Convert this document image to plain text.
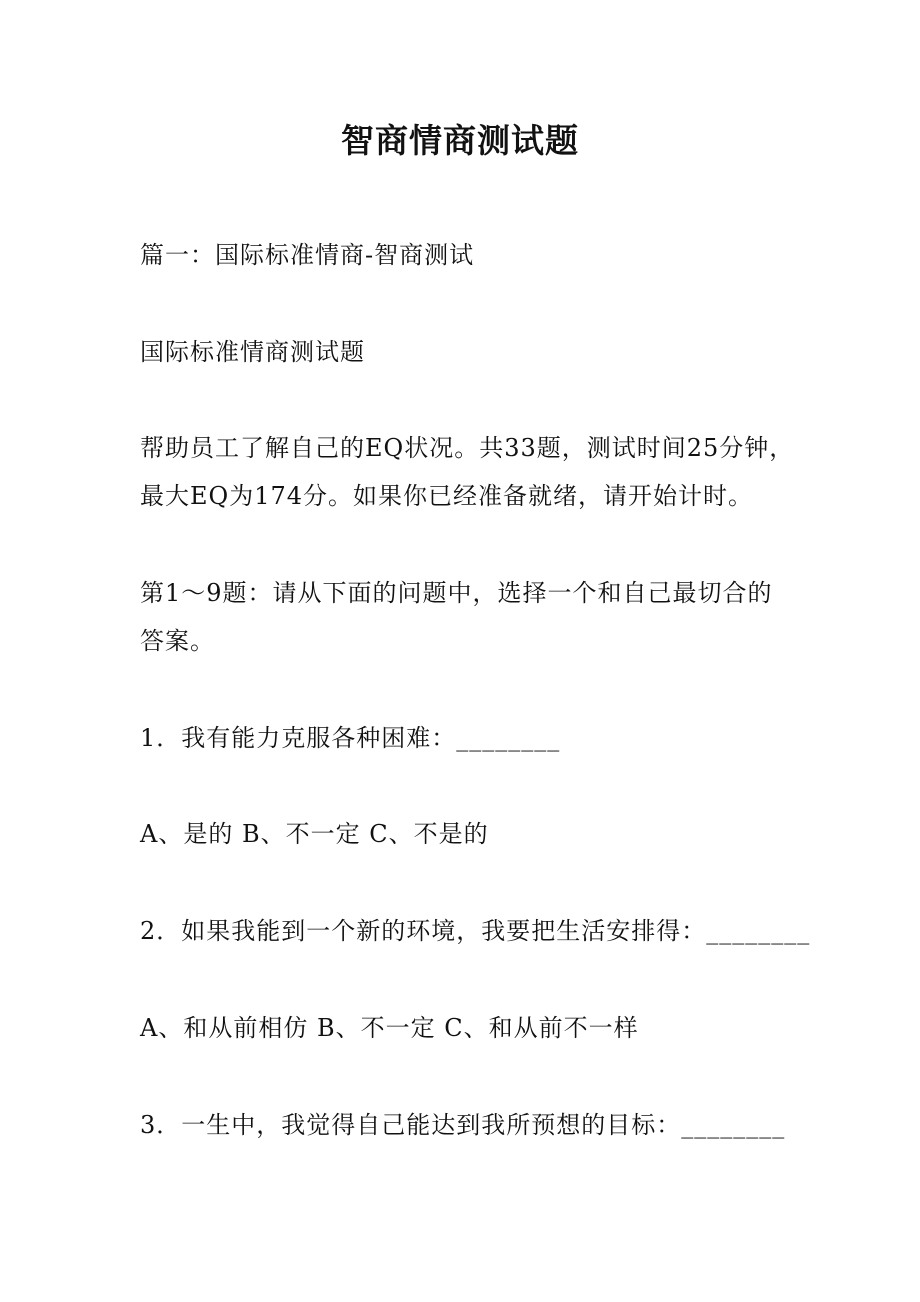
智商情商测试题
篇一：国际标准情商-智商测试
国际标准情商测试题
帮助员工了解自己的EQ状况。共33题，测试时间25分钟，
最大EQ为174分。如果你已经准备就绪，请开始计时。
第1～9题：请从下面的问题中，选择一个和自己最切合的
答案。
1．我有能力克服各种困难：________
A、是的 B、不一定 C、不是的
2．如果我能到一个新的环境，我要把生活安排得：________
A、和从前相仿 B、不一定 C、和从前不一样
3．一生中，我觉得自己能达到我所预想的目标：________
